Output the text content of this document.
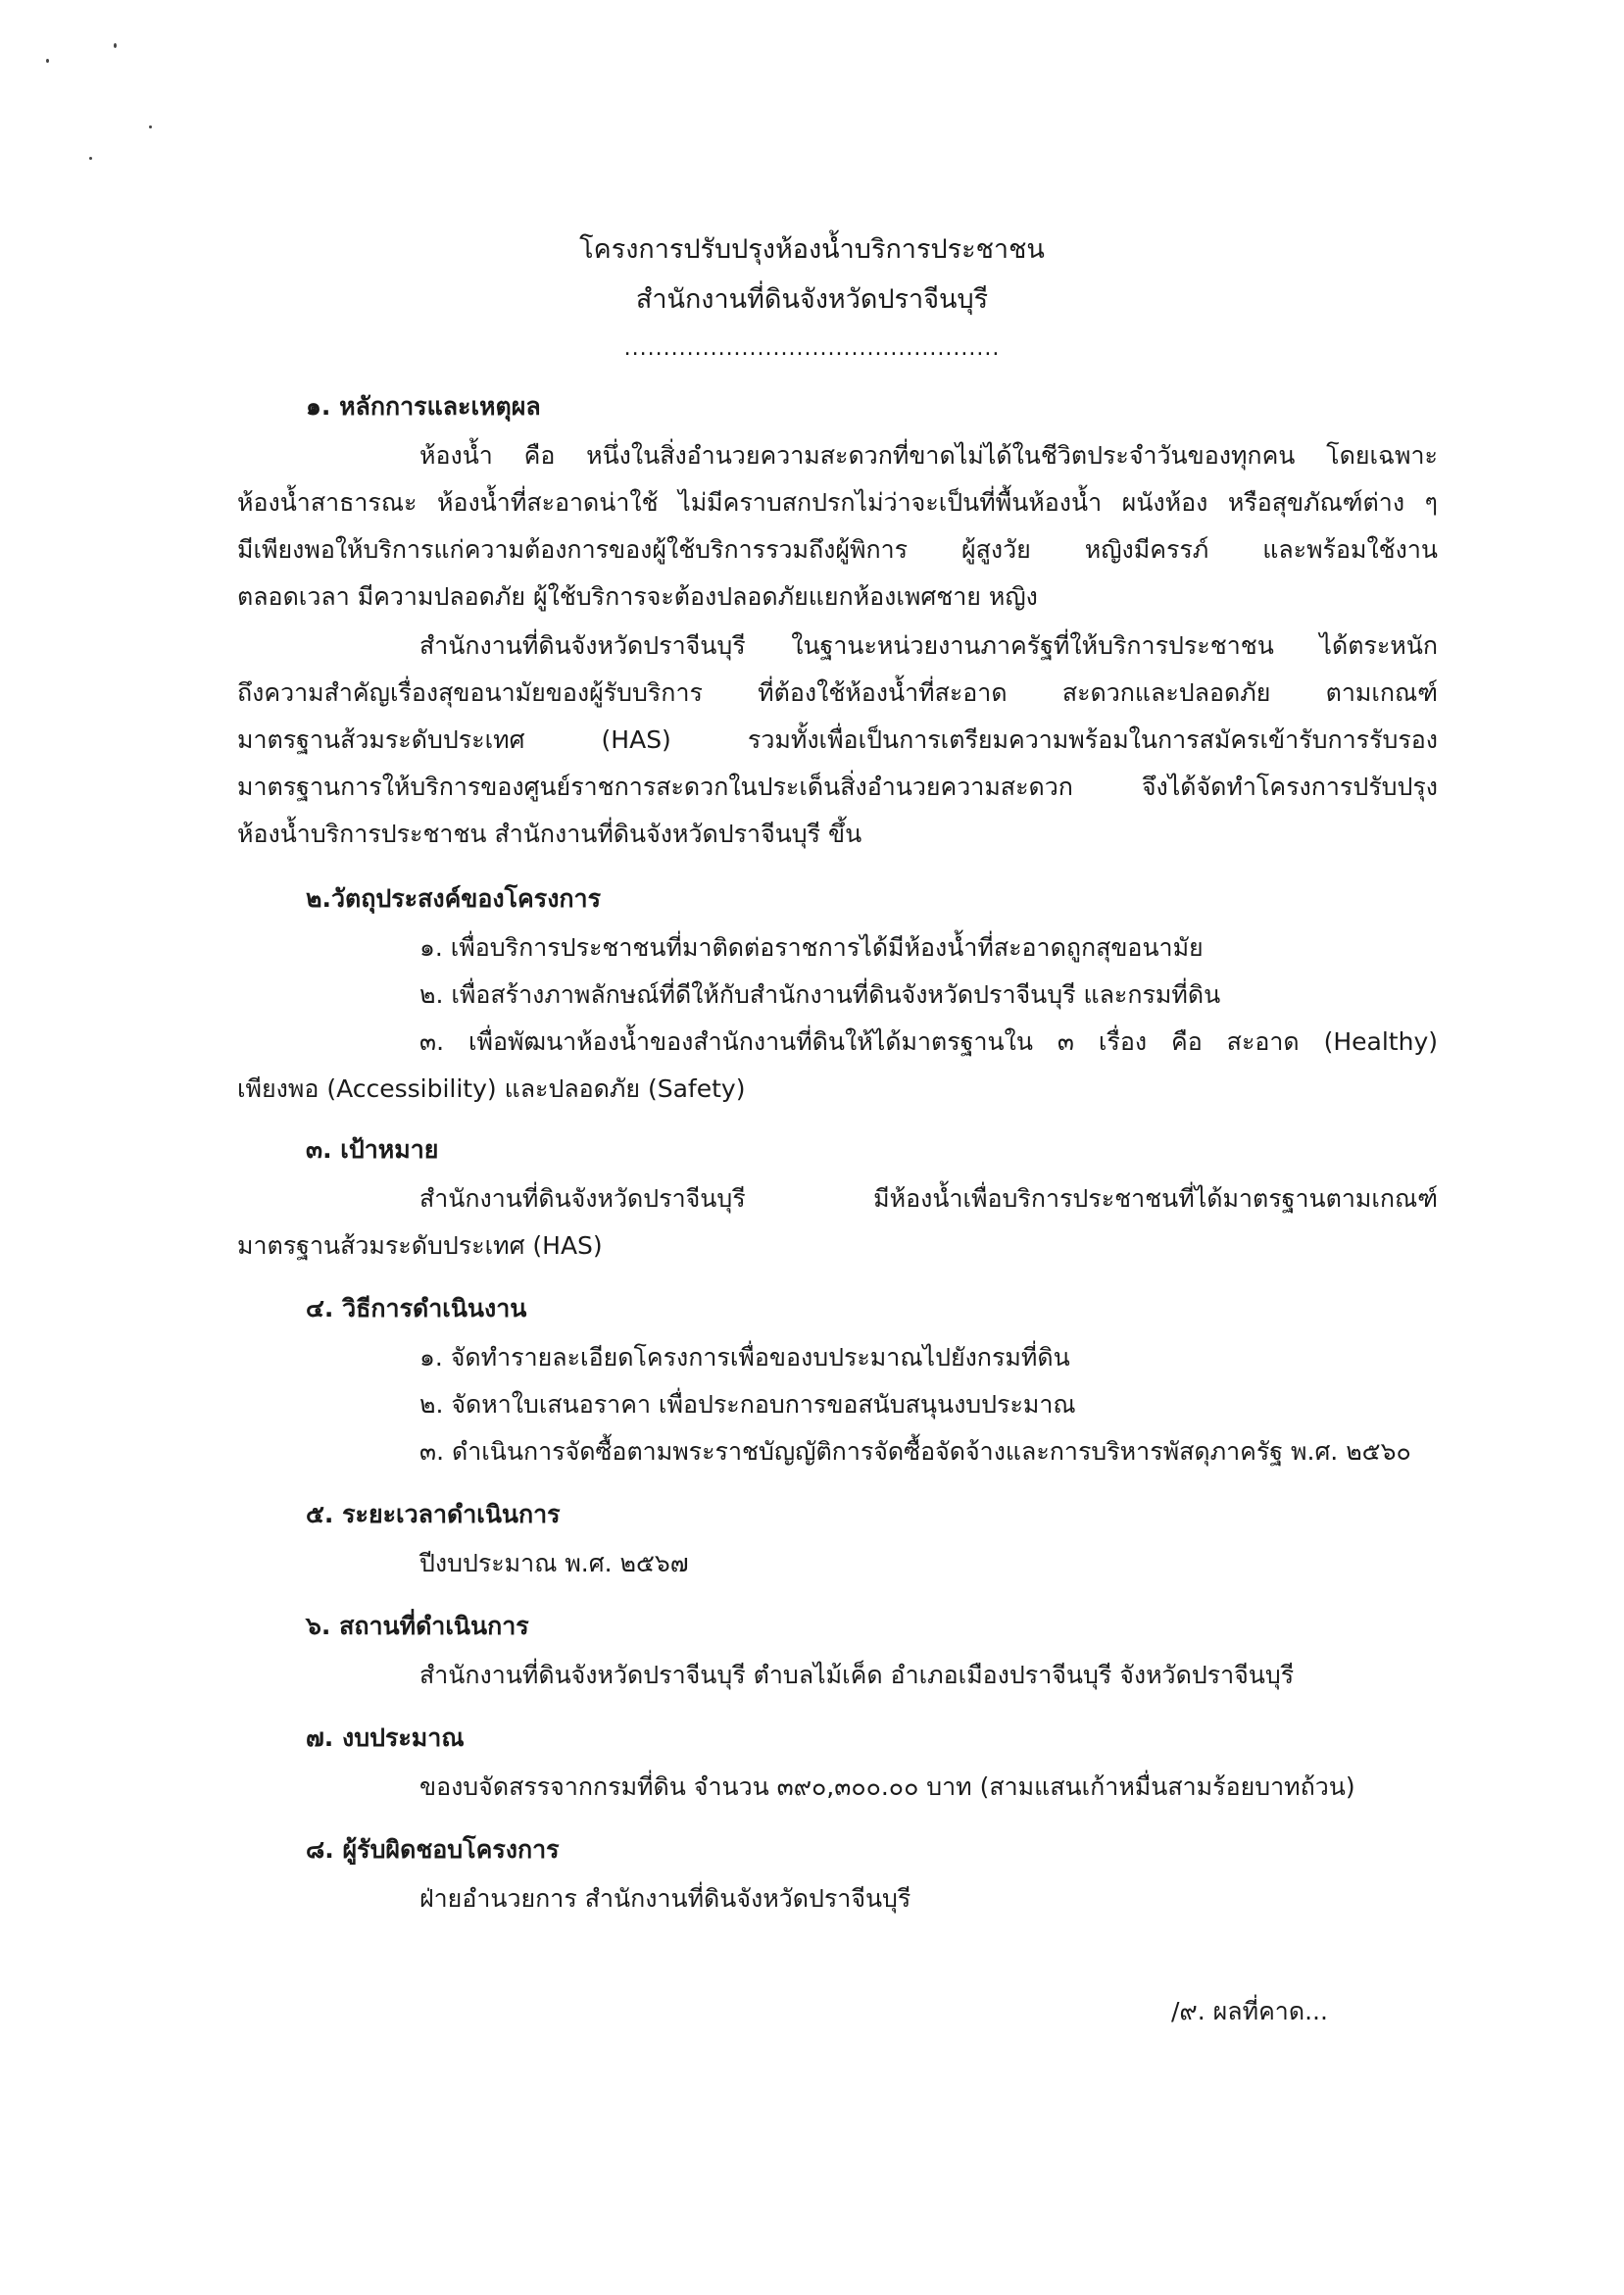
โครงการปรับปรุงห้องน้ำบริการประชาชน
สำนักงานที่ดินจังหวัดปราจีนบุรี
................................................
๑. หลักการและเหตุผล
ห้องน้ำ คือ หนึ่งในสิ่งอำนวยความสะดวกที่ขาดไม่ได้ในชีวิตประจำวันของทุกคน โดยเฉพาะ
ห้องน้ำสาธารณะ ห้องน้ำที่สะอาดน่าใช้ ไม่มีคราบสกปรกไม่ว่าจะเป็นที่พื้นห้องน้ำ ผนังห้อง หรือสุขภัณฑ์ต่าง ๆ
มีเพียงพอให้บริการแก่ความต้องการของผู้ใช้บริการรวมถึงผู้พิการ ผู้สูงวัย หญิงมีครรภ์ และพร้อมใช้งาน
ตลอดเวลา มีความปลอดภัย ผู้ใช้บริการจะต้องปลอดภัยแยกห้องเพศชาย หญิง
สำนักงานที่ดินจังหวัดปราจีนบุรี ในฐานะหน่วยงานภาครัฐที่ให้บริการประชาชน ได้ตระหนัก
ถึงความสำคัญเรื่องสุขอนามัยของผู้รับบริการ ที่ต้องใช้ห้องน้ำที่สะอาด สะดวกและปลอดภัย ตามเกณฑ์
มาตรฐานส้วมระดับประเทศ (HAS) รวมทั้งเพื่อเป็นการเตรียมความพร้อมในการสมัครเข้ารับการรับรอง
มาตรฐานการให้บริการของศูนย์ราชการสะดวกในประเด็นสิ่งอำนวยความสะดวก จึงได้จัดทำโครงการปรับปรุง
ห้องน้ำบริการประชาชน สำนักงานที่ดินจังหวัดปราจีนบุรี ขึ้น
๒.วัตถุประสงค์ของโครงการ
๑. เพื่อบริการประชาชนที่มาติดต่อราชการได้มีห้องน้ำที่สะอาดถูกสุขอนามัย
๒. เพื่อสร้างภาพลักษณ์ที่ดีให้กับสำนักงานที่ดินจังหวัดปราจีนบุรี และกรมที่ดิน
๓. เพื่อพัฒนาห้องน้ำของสำนักงานที่ดินให้ได้มาตรฐานใน ๓ เรื่อง คือ สะอาด (Healthy)
เพียงพอ (Accessibility) และปลอดภัย (Safety)
๓. เป้าหมาย
สำนักงานที่ดินจังหวัดปราจีนบุรี มีห้องน้ำเพื่อบริการประชาชนที่ได้มาตรฐานตามเกณฑ์
มาตรฐานส้วมระดับประเทศ (HAS)
๔. วิธีการดำเนินงาน
๑. จัดทำรายละเอียดโครงการเพื่อของบประมาณไปยังกรมที่ดิน
๒. จัดหาใบเสนอราคา เพื่อประกอบการขอสนับสนุนงบประมาณ
๓. ดำเนินการจัดซื้อตามพระราชบัญญัติการจัดซื้อจัดจ้างและการบริหารพัสดุภาครัฐ พ.ศ. ๒๕๖๐
๕. ระยะเวลาดำเนินการ
ปีงบประมาณ พ.ศ. ๒๕๖๗
๖. สถานที่ดำเนินการ
สำนักงานที่ดินจังหวัดปราจีนบุรี ตำบลไม้เค็ด อำเภอเมืองปราจีนบุรี จังหวัดปราจีนบุรี
๗. งบประมาณ
ของบจัดสรรจากกรมที่ดิน จำนวน ๓๙๐,๓๐๐.๐๐ บาท (สามแสนเก้าหมื่นสามร้อยบาทถ้วน)
๘. ผู้รับผิดชอบโครงการ
ฝ่ายอำนวยการ สำนักงานที่ดินจังหวัดปราจีนบุรี
/๙. ผลที่คาด...
